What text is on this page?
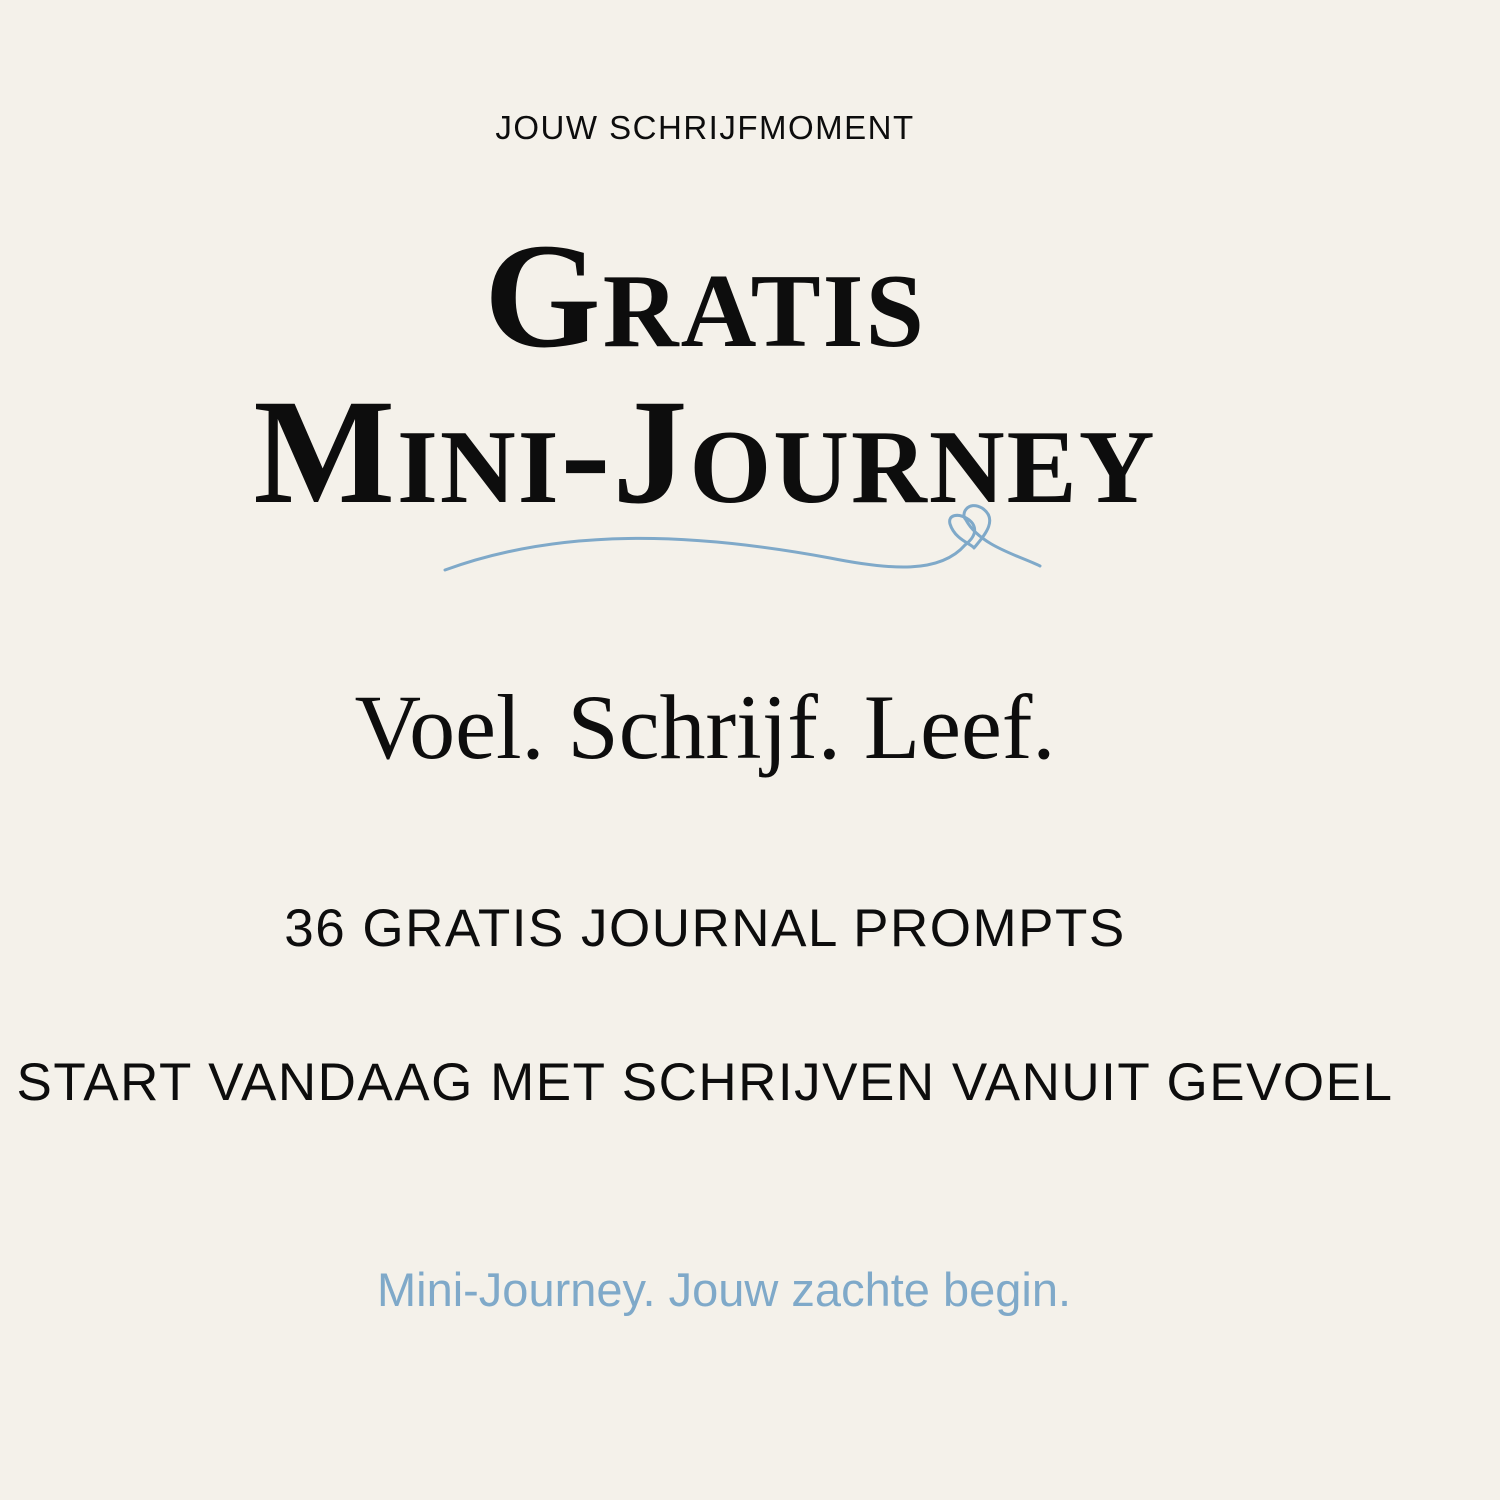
JOUW SCHRIJFMOMENT
Gratis
Mini-Journey
Voel. Schrijf. Leef.
36 GRATIS JOURNAL PROMPTS
START VANDAAG MET SCHRIJVEN VANUIT GEVOEL
Mini-Journey. Jouw zachte begin.
